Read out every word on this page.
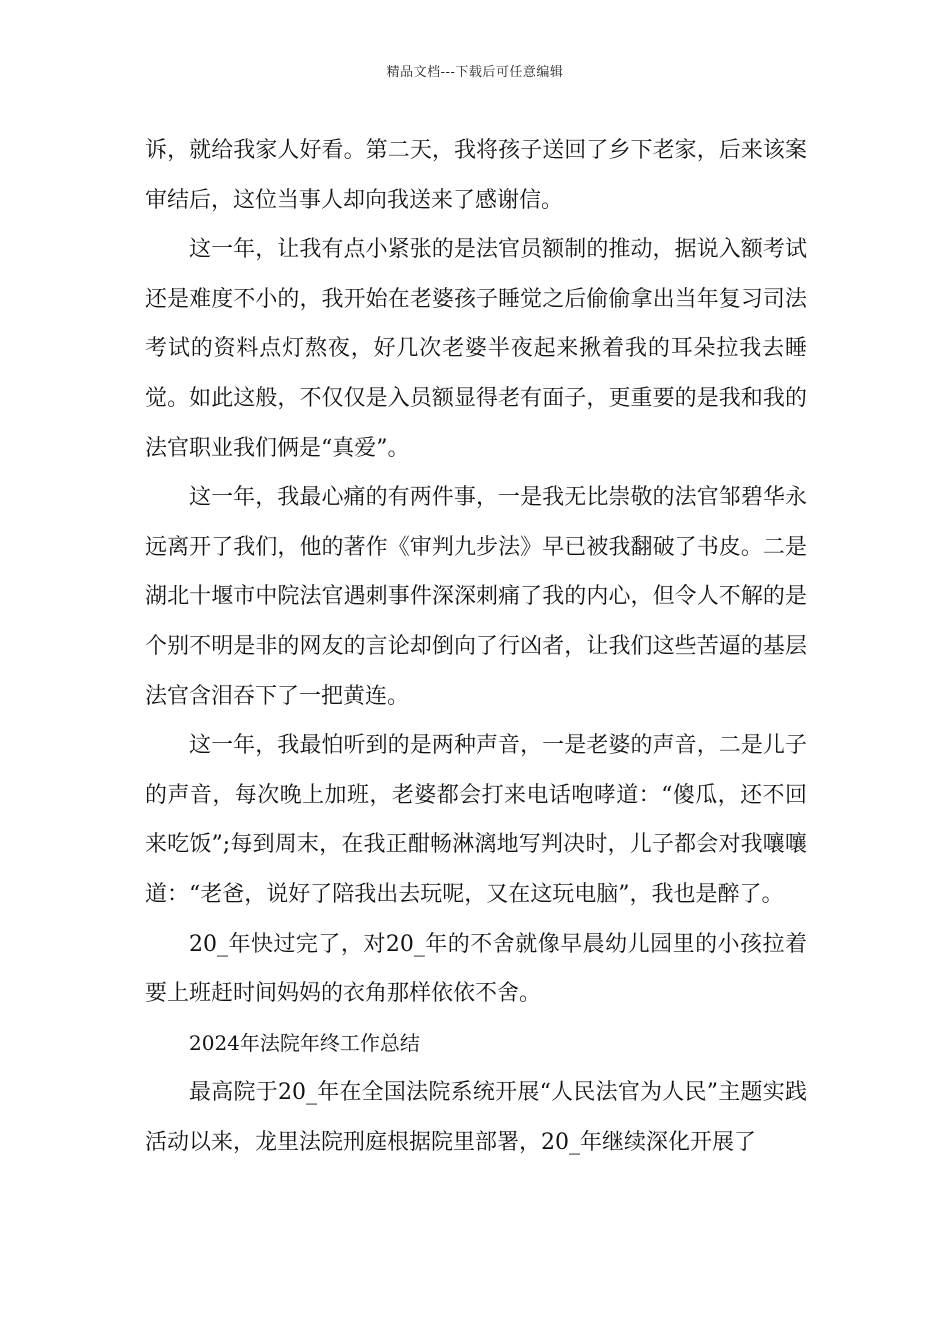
精品文档---下载后可任意编辑

诉，就给我家人好看。第二天，我将孩子送回了乡下老家，后来该案审结后，这位当事人却向我送来了感谢信。

这一年，让我有点小紧张的是法官员额制的推动，据说入额考试还是难度不小的，我开始在老婆孩子睡觉之后偷偷拿出当年复习司法考试的资料点灯熬夜，好几次老婆半夜起来揪着我的耳朵拉我去睡觉。如此这般，不仅仅是入员额显得老有面子，更重要的是我和我的法官职业我们俩是“真爱”。

这一年，我最心痛的有两件事，一是我无比崇敬的法官邹碧华永远离开了我们，他的著作《审判九步法》早已被我翻破了书皮。二是湖北十堰市中院法官遇刺事件深深刺痛了我的内心，但令人不解的是个别不明是非的网友的言论却倒向了行凶者，让我们这些苦逼的基层法官含泪吞下了一把黄连。

这一年，我最怕听到的是两种声音，一是老婆的声音，二是儿子的声音，每次晚上加班，老婆都会打来电话咆哮道：“傻瓜，还不回来吃饭”;每到周末，在我正酣畅淋漓地写判决时，儿子都会对我嚷嚷道：“老爸，说好了陪我出去玩呢，又在这玩电脑”，我也是醉了。

20_年快过完了，对20_年的不舍就像早晨幼儿园里的小孩拉着要上班赶时间妈妈的衣角那样依依不舍。

2024年法院年终工作总结

最高院于20_年在全国法院系统开展“人民法官为人民”主题实践活动以来，龙里法院刑庭根据院里部署，20_年继续深化开展了
